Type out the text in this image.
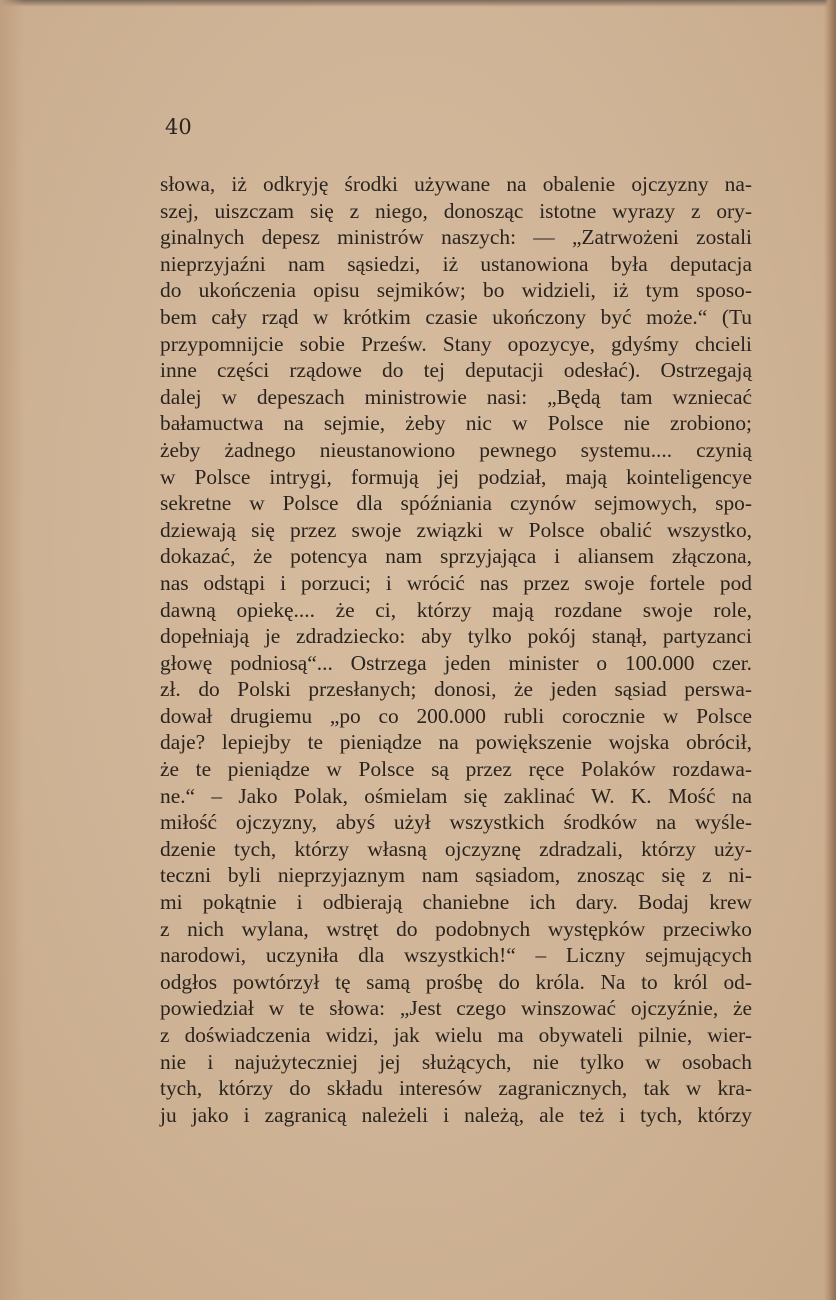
40

słowa, iż odkryję środki używane na obalenie ojczyzny na-
szej, uiszczam się z niego, donosząc istotne wyrazy z ory-
ginalnych depesz ministrów naszych: — „Zatrwożeni zostali
nieprzyjaźni nam sąsiedzi, iż ustanowiona była deputacja
do ukończenia opisu sejmików; bo widzieli, iż tym sposo-
bem cały rząd w krótkim czasie ukończony być może.“ (Tu
przypomnijcie sobie Prześw. Stany opozycye, gdyśmy chcieli
inne części rządowe do tej deputacji odesłać). Ostrzegają
dalej w depeszach ministrowie nasi: „Będą tam wzniecać
bałamuctwa na sejmie, żeby nic w Polsce nie zrobiono;
żeby żadnego nieustanowiono pewnego systemu.... czynią
w Polsce intrygi, formują jej podział, mają kointeligencye
sekretne w Polsce dla spóźniania czynów sejmowych, spo-
dziewają się przez swoje związki w Polsce obalić wszystko,
dokazać, że potencya nam sprzyjająca i aliansem złączona,
nas odstąpi i porzuci; i wrócić nas przez swoje fortele pod
dawną opiekę.... że ci, którzy mają rozdane swoje role,
dopełniają je zdradziecko: aby tylko pokój stanął, partyzanci
głowę podniosą“... Ostrzega jeden minister o 100.000 czer.
zł. do Polski przesłanych; donosi, że jeden sąsiad perswa-
dował drugiemu „po co 200.000 rubli corocznie w Polsce
daje? lepiejby te pieniądze na powiększenie wojska obrócił,
że te pieniądze w Polsce są przez ręce Polaków rozdawa-
ne.“ – Jako Polak, ośmielam się zaklinać W. K. Mość na
miłość ojczyzny, abyś użył wszystkich środków na wyśle-
dzenie tych, którzy własną ojczyznę zdradzali, którzy uży-
teczni byli nieprzyjaznym nam sąsiadom, znosząc się z ni-
mi pokątnie i odbierają chaniebne ich dary. Bodaj krew
z nich wylana, wstręt do podobnych występków przeciwko
narodowi, uczyniła dla wszystkich!“ – Liczny sejmujących
odgłos powtórzył tę samą prośbę do króla. Na to król od-
powiedział w te słowa: „Jest czego winszować ojczyźnie, że
z doświadczenia widzi, jak wielu ma obywateli pilnie, wier-
nie i najużyteczniej jej służących, nie tylko w osobach
tych, którzy do składu interesów zagranicznych, tak w kra-
ju jako i zagranicą należeli i należą, ale też i tych, którzy
